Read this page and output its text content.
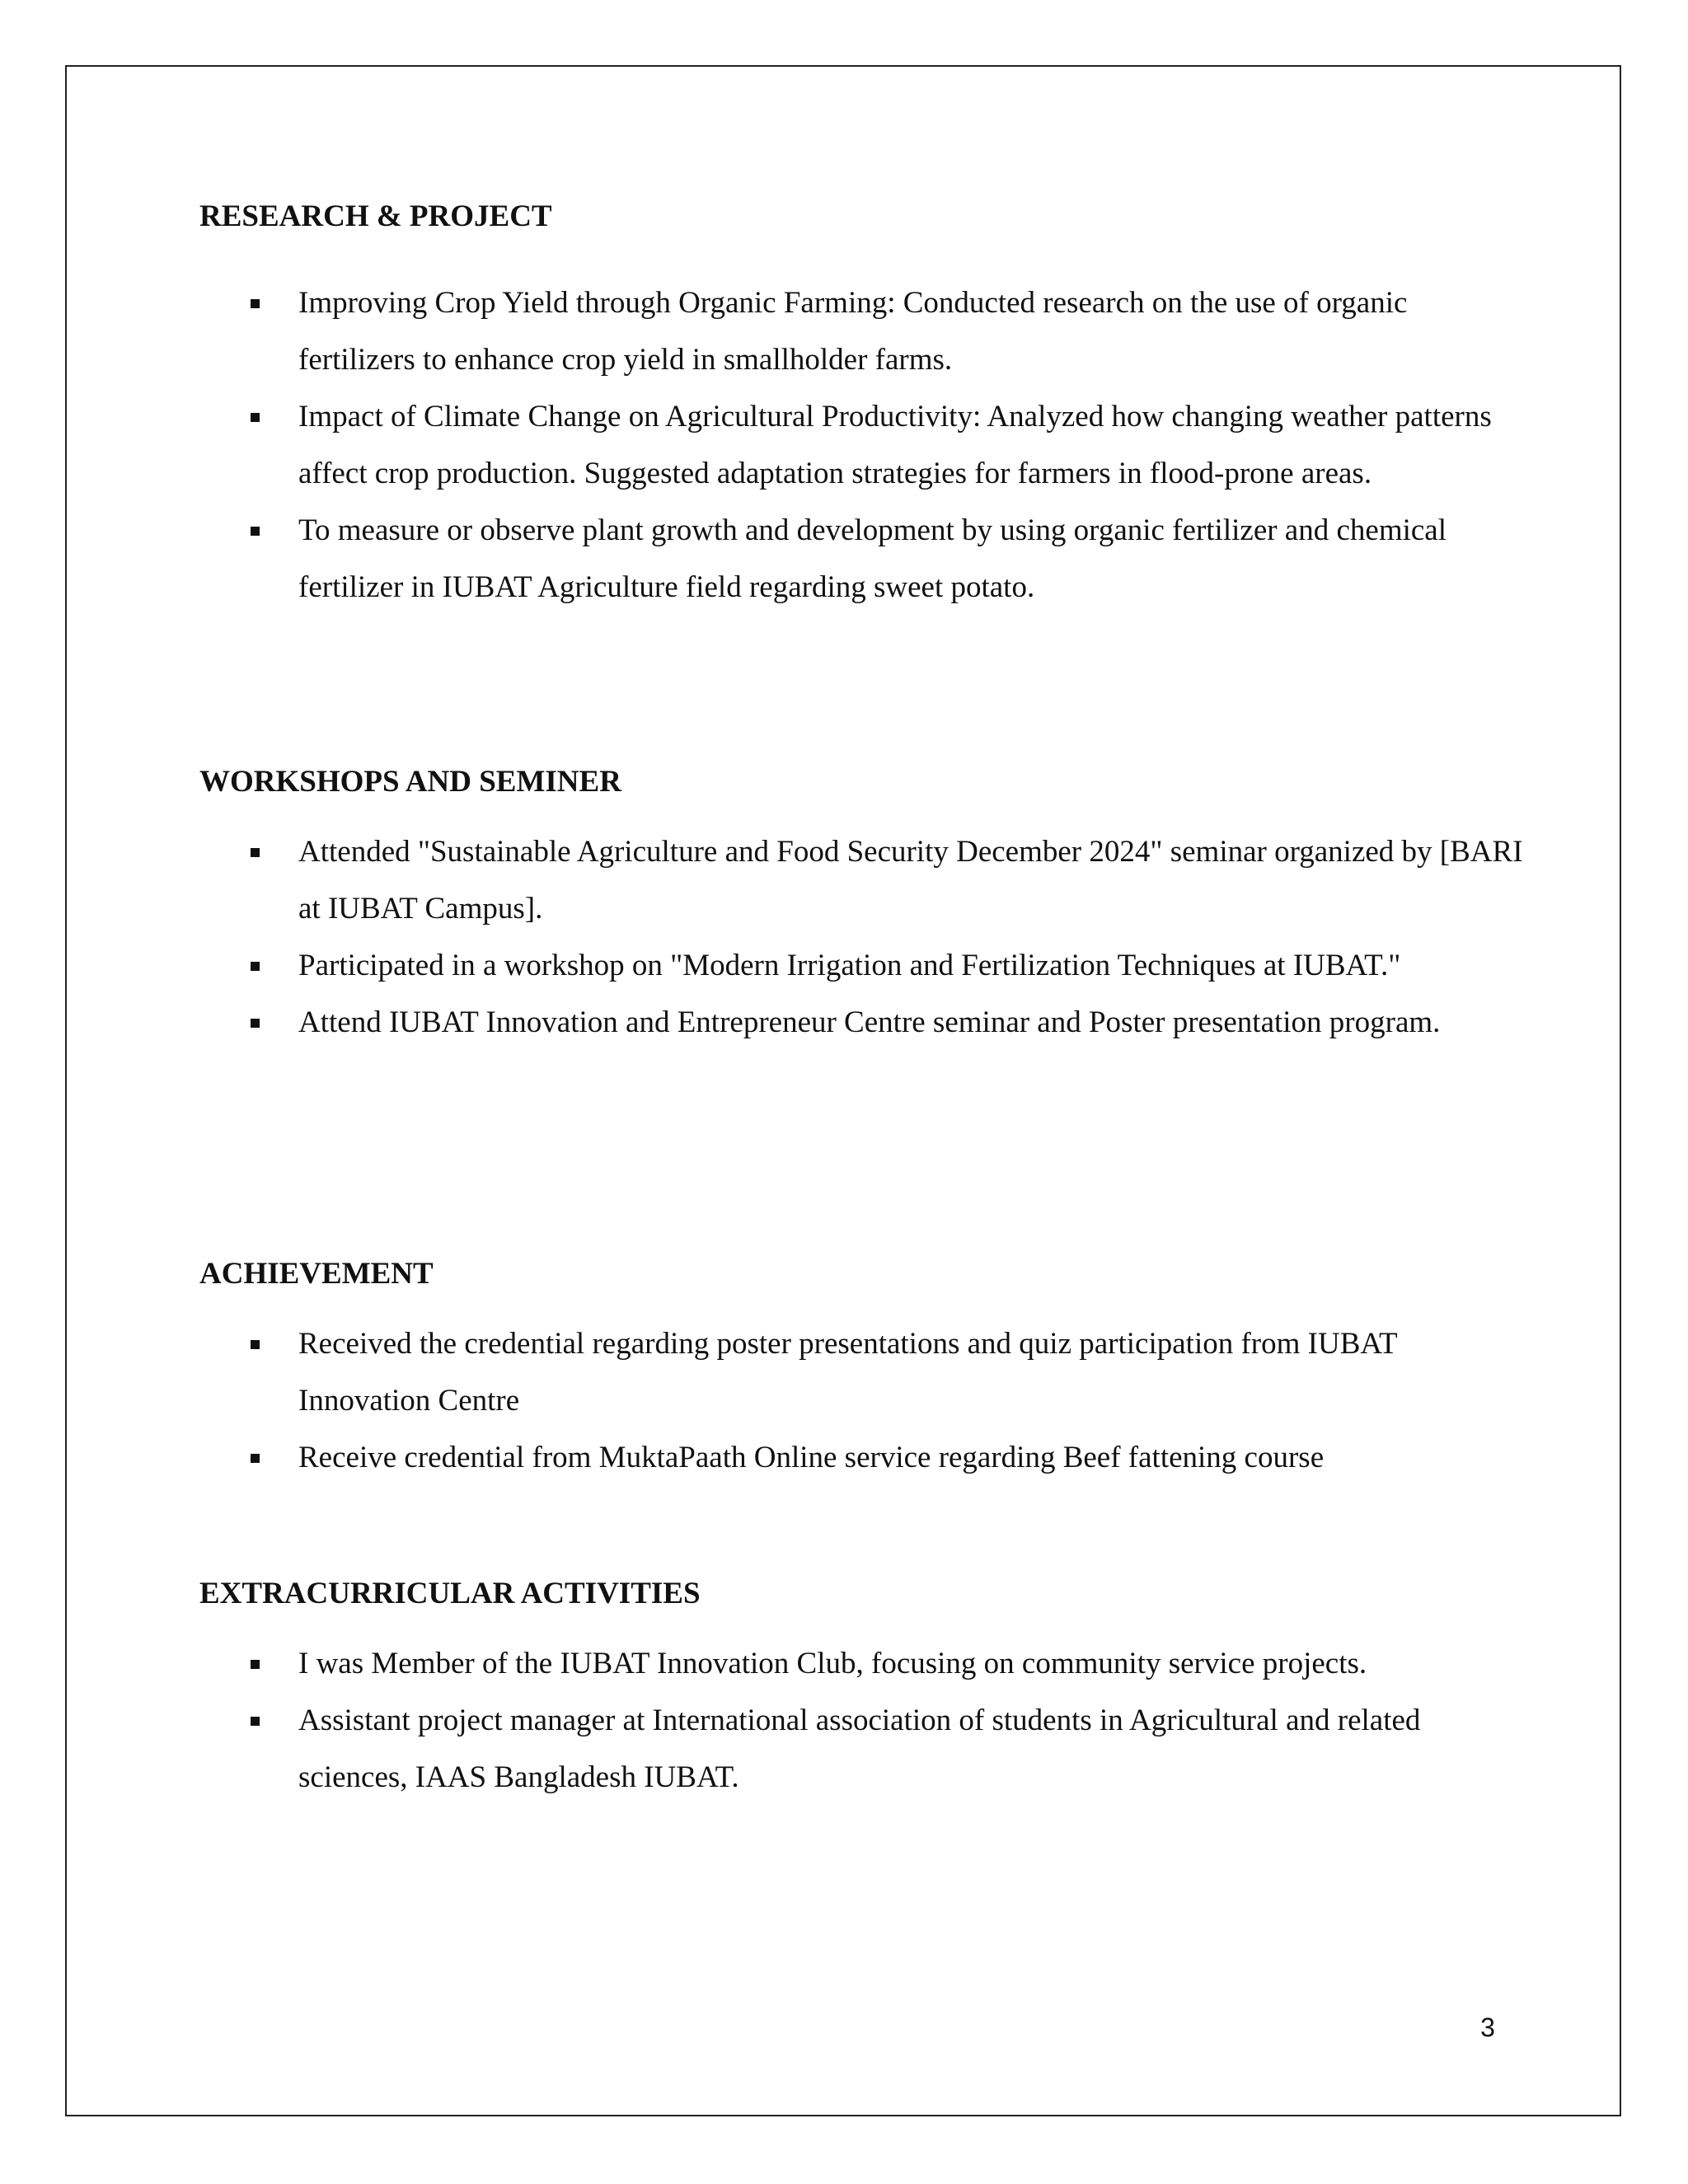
RESEARCH & PROJECT
Improving Crop Yield through Organic Farming: Conducted research on the use of organic fertilizers to enhance crop yield in smallholder farms.
Impact of Climate Change on Agricultural Productivity: Analyzed how changing weather patterns affect crop production. Suggested adaptation strategies for farmers in flood-prone areas.
To measure or observe plant growth and development by using organic fertilizer and chemical fertilizer in IUBAT Agriculture field regarding sweet potato.
WORKSHOPS AND SEMINER
Attended "Sustainable Agriculture and Food Security December 2024" seminar organized by [BARI at IUBAT Campus].
Participated in a workshop on "Modern Irrigation and Fertilization Techniques at IUBAT."
Attend IUBAT Innovation and Entrepreneur Centre seminar and Poster presentation program.
ACHIEVEMENT
Received the credential regarding poster presentations and quiz participation from IUBAT Innovation Centre
Receive credential from MuktaPaath Online service regarding Beef fattening course
EXTRACURRICULAR ACTIVITIES
I was Member of the IUBAT Innovation Club, focusing on community service projects.
Assistant project manager at International association of students in Agricultural and related sciences, IAAS Bangladesh IUBAT.
3
